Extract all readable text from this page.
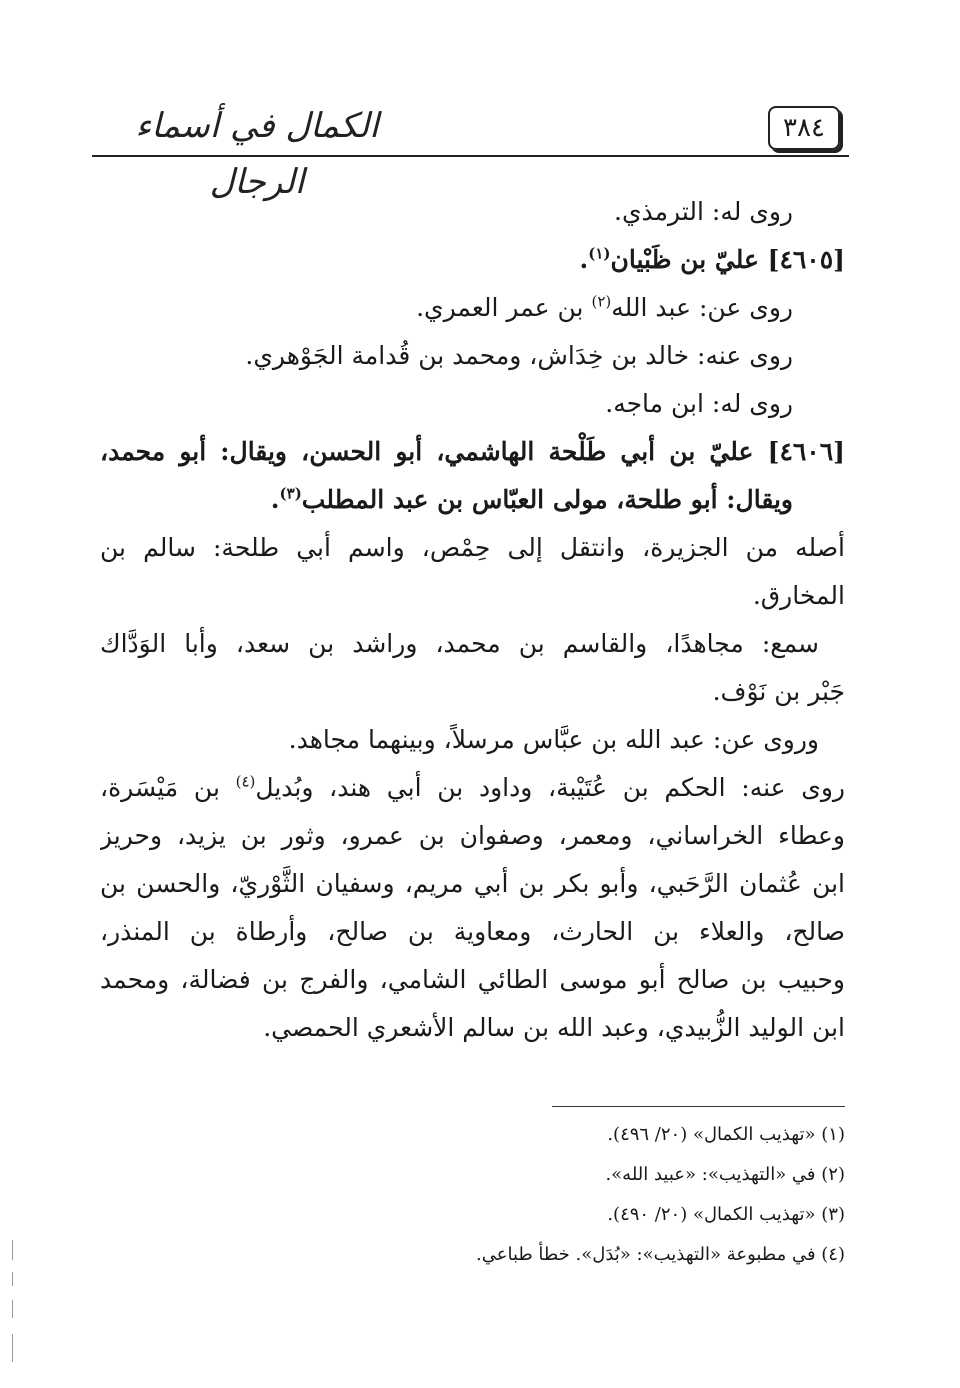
الكمال في أسماء الرجال
٣٨٤
روى له: الترمذي.
[٤٦٠٥] عليّ بن ظَبْيان$^{(١)}$.
روى عن: عبد الله$^{(٢)}$ بن عمر العمري.
روى عنه: خالد بن خِدَاش، ومحمد بن قُدامة الجَوْهري.
روى له: ابن ماجه.
[٤٦٠٦] عليّ بن أبي طَلْحة الهاشمي، أبو الحسن، ويقال: أبو محمد،
ويقال: أبو طلحة، مولى العبّاس بن عبد المطلب$^{(٣)}$.
أصله من الجزيرة، وانتقل إلى حِمْص، واسم أبي طلحة: سالم بن
المخارق.
سمع: مجاهدًا، والقاسم بن محمد، وراشد بن سعد، وأبا الوَدَّاك
جَبْر بن نَوْف.
وروى عن: عبد الله بن عبَّاس مرسلاً، وبينهما مجاهد.
روى عنه: الحكم بن عُتَيْبة، وداود بن أبي هند، وبُديل$^{(٤)}$ بن مَيْسَرة،
وعطاء الخراساني، ومعمر، وصفوان بن عمرو، وثور بن يزيد، وحريز
ابن عُثمان الرَّحَبي، وأبو بكر بن أبي مريم، وسفيان الثَّوْريّ، والحسن بن
صالح، والعلاء بن الحارث، ومعاوية بن صالح، وأرطاة بن المنذر،
وحبيب بن صالح أبو موسى الطائي الشامي، والفرج بن فضالة، ومحمد
ابن الوليد الزُّبيدي، وعبد الله بن سالم الأشعري الحمصي.
(١) «تهذيب الكمال» (٢٠/ ٤٩٦).
(٢) في «التهذيب»: «عبيد الله».
(٣) «تهذيب الكمال» (٢٠/ ٤٩٠).
(٤) في مطبوعة «التهذيب»: «بُدَل». خطأ طباعي.
